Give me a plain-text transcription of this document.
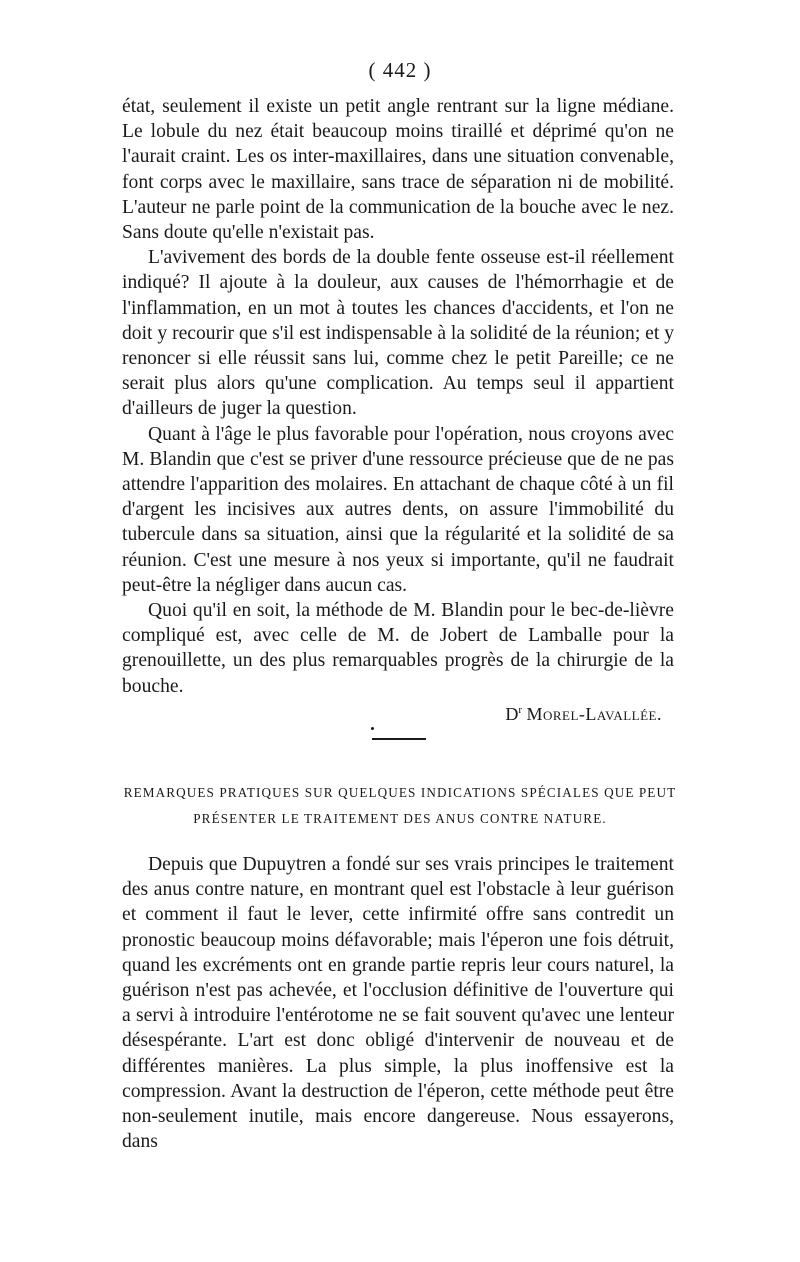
( 442 )

état, seulement il existe un petit angle rentrant sur la ligne médiane. Le lobule du nez était beaucoup moins tiraillé et déprimé qu'on ne l'aurait craint. Les os inter-maxillaires, dans une situation convenable, font corps avec le maxillaire, sans trace de séparation ni de mobilité. L'auteur ne parle point de la communication de la bouche avec le nez. Sans doute qu'elle n'existait pas.

L'avivement des bords de la double fente osseuse est-il réellement indiqué? Il ajoute à la douleur, aux causes de l'hémorrhagie et de l'inflammation, en un mot à toutes les chances d'accidents, et l'on ne doit y recourir que s'il est indispensable à la solidité de la réunion; et y renoncer si elle réussit sans lui, comme chez le petit Pareille; ce ne serait plus alors qu'une complication. Au temps seul il appartient d'ailleurs de juger la question.

Quant à l'âge le plus favorable pour l'opération, nous croyons avec M. Blandin que c'est se priver d'une ressource précieuse que de ne pas attendre l'apparition des molaires. En attachant de chaque côté à un fil d'argent les incisives aux autres dents, on assure l'immobilité du tubercule dans sa situation, ainsi que la régularité et la solidité de sa réunion. C'est une mesure à nos yeux si importante, qu'il ne faudrait peut-être la négliger dans aucun cas.

Quoi qu'il en soit, la méthode de M. Blandin pour le bec-de-lièvre compliqué est, avec celle de M. de Jobert de Lamballe pour la grenouillette, un des plus remarquables progrès de la chirurgie de la bouche.

$D^r$ Morel-Lavallée.
REMARQUES PRATIQUES SUR QUELQUES INDICATIONS SPÉCIALES QUE PEUT
PRÉSENTER LE TRAITEMENT DES ANUS CONTRE NATURE.

Depuis que Dupuytren a fondé sur ses vrais principes le traitement des anus contre nature, en montrant quel est l'obstacle à leur guérison et comment il faut le lever, cette infirmité offre sans contredit un pronostic beaucoup moins défavorable; mais l'éperon une fois détruit, quand les excréments ont en grande partie repris leur cours naturel, la guérison n'est pas achevée, et l'occlusion définitive de l'ouverture qui a servi à introduire l'entérotome ne se fait souvent qu'avec une lenteur désespérante. L'art est donc obligé d'intervenir de nouveau et de différentes manières. La plus simple, la plus inoffensive est la compression. Avant la destruction de l'éperon, cette méthode peut être non-seulement inutile, mais encore dangereuse. Nous essayerons, dans
